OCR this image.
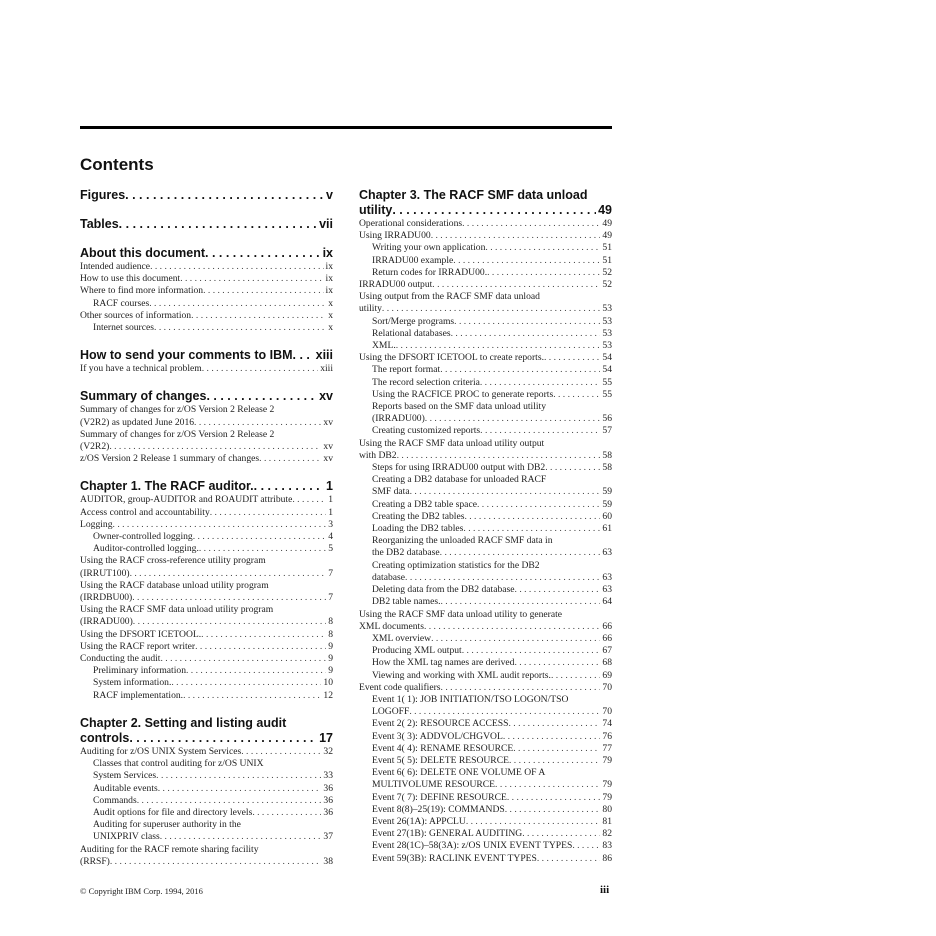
Contents
Figures . . .	v
Tables . . .	vii
About this document . . .	ix
Intended audience . . .	ix
How to use this document . . .	ix
Where to find more information . . .	ix
RACF courses . . .	x
Other sources of information . . .	x
Internet sources . . .	x
How to send your comments to IBM . . . xiii
If you have a technical problem . . .	xiii
Summary of changes . . .	xv
Summary of changes for z/OS Version 2 Release 2
(V2R2) as updated June 2016 . . .	xv
Summary of changes for z/OS Version 2 Release 2
(V2R2) . . .	xv
z/OS Version 2 Release 1 summary of changes . . .	xv
Chapter 1. The RACF auditor. . . .	1
AUDITOR, group-AUDITOR and ROAUDIT attribute . . .	1
Access control and accountability . . .	1
Logging . . .	3
Owner-controlled logging . . .	4
Auditor-controlled logging. . . .	5
Using the RACF cross-reference utility program
(IRRUT100) . . .	7
Using the RACF database unload utility program
(IRRDBU00) . . .	7
Using the RACF SMF data unload utility program
(IRRADU00) . . .	8
Using the DFSORT ICETOOL. . . .	8
Using the RACF report writer . . .	9
Conducting the audit . . .	9
Preliminary information . . .	9
System information. . . .	10
RACF implementation. . . .	12
Chapter 2. Setting and listing audit
controls . . .	17
Auditing for z/OS UNIX System Services . . .	32
Classes that control auditing for z/OS UNIX
System Services . . .	33
Auditable events . . .	36
Commands . . .	36
Audit options for file and directory levels . . .	36
Auditing for superuser authority in the
UNIXPRIV class . . .	37
Auditing for the RACF remote sharing facility
(RRSF) . . .	38
Chapter 3. The RACF SMF data unload
utility . . .	49
Operational considerations . . .	49
Using IRRADU00 . . .	49
Writing your own application . . .	51
IRRADU00 example . . .	51
Return codes for IRRADU00. . . .	52
IRRADU00 output . . .	52
Using output from the RACF SMF data unload
utility . . .	53
Sort/Merge programs . . .	53
Relational databases . . .	53
XML. . . .	53
Using the DFSORT ICETOOL to create reports. . . .	54
The report format . . .	54
The record selection criteria . . .	55
Using the RACFICE PROC to generate reports . . .	55
Reports based on the SMF data unload utility
(IRRADU00) . . .	56
Creating customized reports . . .	57
Using the RACF SMF data unload utility output
with DB2 . . .	58
Steps for using IRRADU00 output with DB2 . . .	58
Creating a DB2 database for unloaded RACF
SMF data . . .	59
Creating a DB2 table space . . .	59
Creating the DB2 tables . . .	60
Loading the DB2 tables . . .	61
Reorganizing the unloaded RACF SMF data in
the DB2 database . . .	63
Creating optimization statistics for the DB2
database . . .	63
Deleting data from the DB2 database . . .	63
DB2 table names. . . .	64
Using the RACF SMF data unload utility to generate
XML documents . . .	66
XML overview . . .	66
Producing XML output . . .	67
How the XML tag names are derived . . .	68
Viewing and working with XML audit reports. . . .	69
Event code qualifiers . . .	70
Event 1( 1): JOB INITIATION/TSO LOGON/TSO
LOGOFF . . .	70
Event 2( 2): RESOURCE ACCESS . . .	74
Event 3( 3): ADDVOL/CHGVOL . . .	76
Event 4( 4): RENAME RESOURCE . . .	77
Event 5( 5): DELETE RESOURCE . . .	79
Event 6( 6): DELETE ONE VOLUME OF A
MULTIVOLUME RESOURCE . . .	79
Event 7( 7): DEFINE RESOURCE . . .	79
Event 8(8)–25(19): COMMANDS . . .	80
Event 26(1A): APPCLU . . .	81
Event 27(1B): GENERAL AUDITING . . .	82
Event 28(1C)–58(3A): z/OS UNIX EVENT TYPES . . .	83
Event 59(3B): RACLINK EVENT TYPES . . .	86
© Copyright IBM Corp. 1994, 2016	iii
